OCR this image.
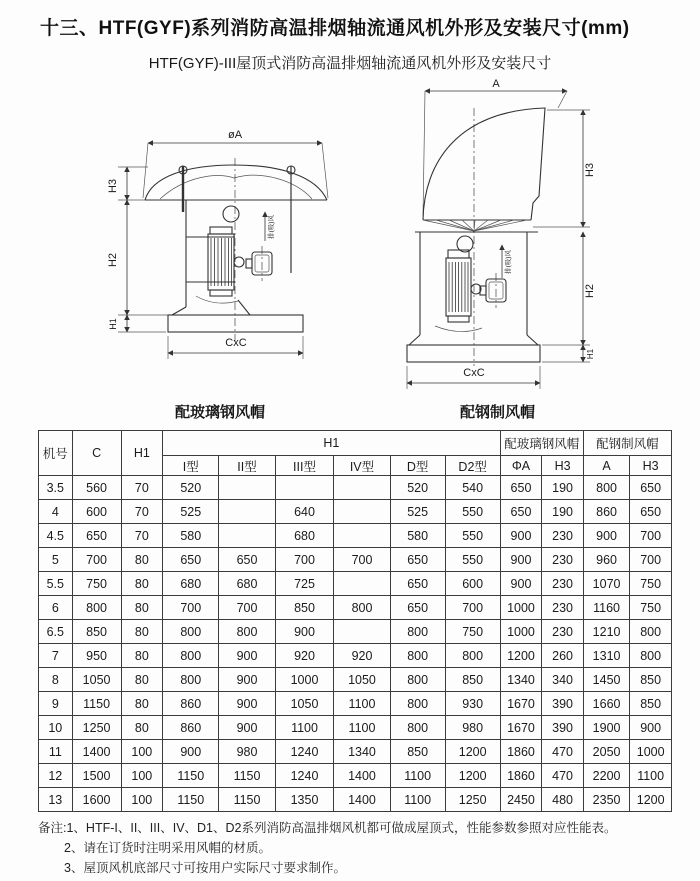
十三、HTF(GYF)系列消防高温排烟轴流通风机外形及安装尺寸(mm)
HTF(GYF)-III屋顶式消防高温排烟轴流通风机外形及安装尺寸
øA
H3
H2
H1
排(吸)风
CxC
A
H3
排(吸)风
H2
H1
CxC
配玻璃钢风帽	配钢制风帽
机号	C	H1	H1						配玻璃钢风帽		配钢制风帽	
			I型	II型	III型	IV型	D型	D2型	ΦA	H3	A	H3
3.5	560	70	520				520	540	650	190	800	650
4	600	70	525		640		525	550	650	190	860	650
4.5	650	70	580		680		580	550	900	230	900	700
5	700	80	650	650	700	700	650	550	900	230	960	700
5.5	750	80	680	680	725		650	600	900	230	1070	750
6	800	80	700	700	850	800	650	700	1000	230	1160	750
6.5	850	80	800	800	900		800	750	1000	230	1210	800
7	950	80	800	900	920	920	800	800	1200	260	1310	800
8	1050	80	800	900	1000	1050	800	850	1340	340	1450	850
9	1150	80	860	900	1050	1100	800	930	1670	390	1660	850
10	1250	80	860	900	1100	1100	800	980	1670	390	1900	900
11	1400	100	900	980	1240	1340	850	1200	1860	470	2050	1000
12	1500	100	1150	1150	1240	1400	1100	1200	1860	470	2200	1100
13	1600	100	1150	1150	1350	1400	1100	1250	2450	480	2350	1200
备注:1、HTF-I、II、III、IV、D1、D2系列消防高温排烟风机都可做成屋顶式，性能参数参照对应性能表。
2、请在订货时注明采用风帽的材质。
3、屋顶风机底部尺寸可按用户实际尺寸要求制作。
